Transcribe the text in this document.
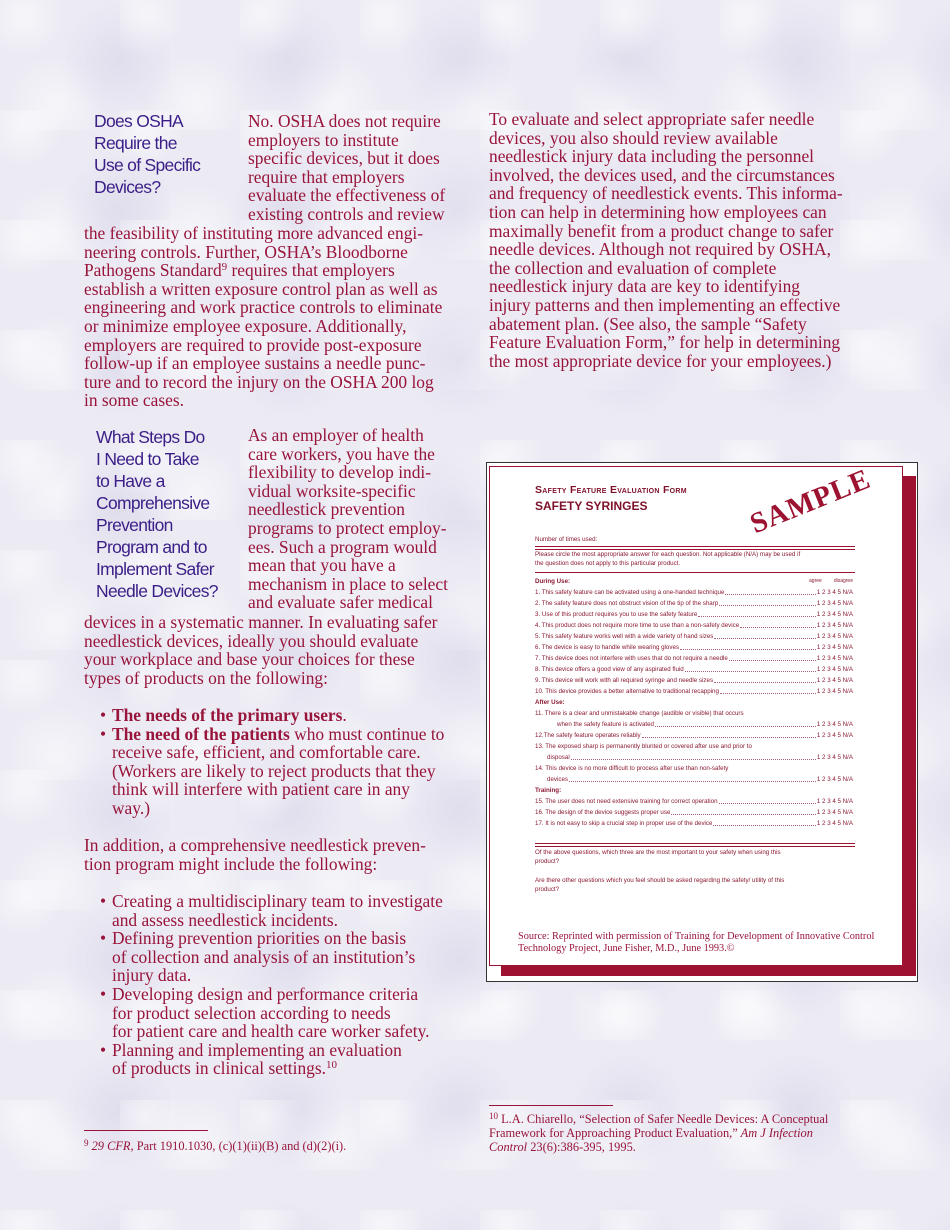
Does OSHA
Require the
Use of Specific
Devices?
No. OSHA does not require
employers to institute
specific devices, but it does
require that employers
evaluate the effectiveness of
existing controls and review
the feasibility of instituting more advanced engi-
neering controls. Further, OSHA’s Bloodborne
Pathogens Standard$^9$ requires that employers
establish a written exposure control plan as well as
engineering and work practice controls to eliminate
or minimize employee exposure. Additionally,
employers are required to provide post-exposure
follow-up if an employee sustains a needle punc-
ture and to record the injury on the OSHA 200 log
in some cases.
What Steps Do
I Need to Take
to Have a
Comprehensive
Prevention
Program and to
Implement Safer
Needle Devices?
As an employer of health
care workers, you have the
flexibility to develop indi-
vidual worksite-specific
needlestick prevention
programs to protect employ-
ees. Such a program would
mean that you have a
mechanism in place to select
and evaluate safer medical
devices in a systematic manner. In evaluating safer
needlestick devices, ideally you should evaluate
your workplace and base your choices for these
types of products on the following:
• The needs of the primary users.
• The need of the patients who must continue to
receive safe, efficient, and comfortable care.
(Workers are likely to reject products that they
think will interfere with patient care in any
way.)
In addition, a comprehensive needlestick preven-
tion program might include the following:
• Creating a multidisciplinary team to investigate
and assess needlestick incidents.
• Defining prevention priorities on the basis
of collection and analysis of an institution’s
injury data.
• Developing design and performance criteria
for product selection according to needs
for patient care and health care worker safety.
• Planning and implementing an evaluation
of products in clinical settings.$^{10}$
To evaluate and select appropriate safer needle
devices, you also should review available
needlestick injury data including the personnel
involved, the devices used, and the circumstances
and frequency of needlestick events. This informa-
tion can help in determining how employees can
maximally benefit from a product change to safer
needle devices. Although not required by OSHA,
the collection and evaluation of complete
needlestick injury data are key to identifying
injury patterns and then implementing an effective
abatement plan. (See also, the sample “Safety
Feature Evaluation Form,” for help in determining
the most appropriate device for your employees.)

Safety Feature Evaluation Form

SAFETY SYRINGES	SAMPLE

Number of times used:

Please circle the most appropriate answer for each question. Not applicable (N/A) may be used if
the question does not apply to this particular product.
During Use:	agree disagree
1. This safety feature can be activated using a one-handed technique	1 2 3 4 5 N/A
2. The safety feature does not obstruct vision of the tip of the sharp	1 2 3 4 5 N/A
3. Use of this product requires you to use the safety feature	1 2 3 4 5 N/A
4. This product does not require more time to use than a non-safety device	1 2 3 4 5 N/A
5. This safety feature works well with a wide variety of hand sizes	1 2 3 4 5 N/A
6. The device is easy to handle while wearing gloves	1 2 3 4 5 N/A
7. This device does not interfere with uses that do not require a needle	1 2 3 4 5 N/A
8. This device offers a good view of any aspirated fluid	1 2 3 4 5 N/A
9. This device will work with all required syringe and needle sizes	1 2 3 4 5 N/A
10. This device provides a better alternative to traditional recapping	1 2 3 4 5 N/A
After Use:
11. There is a clear and unmistakable change (audible or visible) that occurs
when the safety feature is activated	1 2 3 4 5 N/A
12.The safety feature operates reliably	1 2 3 4 5 N/A
13. The exposed sharp is permanently blunted or covered after use and prior to
disposal	1 2 3 4 5 N/A
14. This device is no more difficult to process after use than non-safety
devices	1 2 3 4 5 N/A
Training:
15. The user does not need extensive training for correct operation	1 2 3 4 5 N/A
16. The design of the device suggests proper use	1 2 3 4 5 N/A
17. It is not easy to skip a crucial step in proper use of the device	1 2 3 4 5 N/A
Of the above questions, which three are the most important to your safety when using this
product?
Are there other questions which you feel should be asked regarding the safety/ utility of this
product?
Source: Reprinted with permission of Training for Development of Innovative Control
Technology Project, June Fisher, M.D., June 1993.©

$^9$ 29 CFR, Part 1910.1030, (c)(1)(ii)(B) and (d)(2)(i).

$^{10}$ L.A. Chiarello, “Selection of Safer Needle Devices: A Conceptual
Framework for Approaching Product Evaluation,” Am J Infection
Control 23(6):386-395, 1995.
